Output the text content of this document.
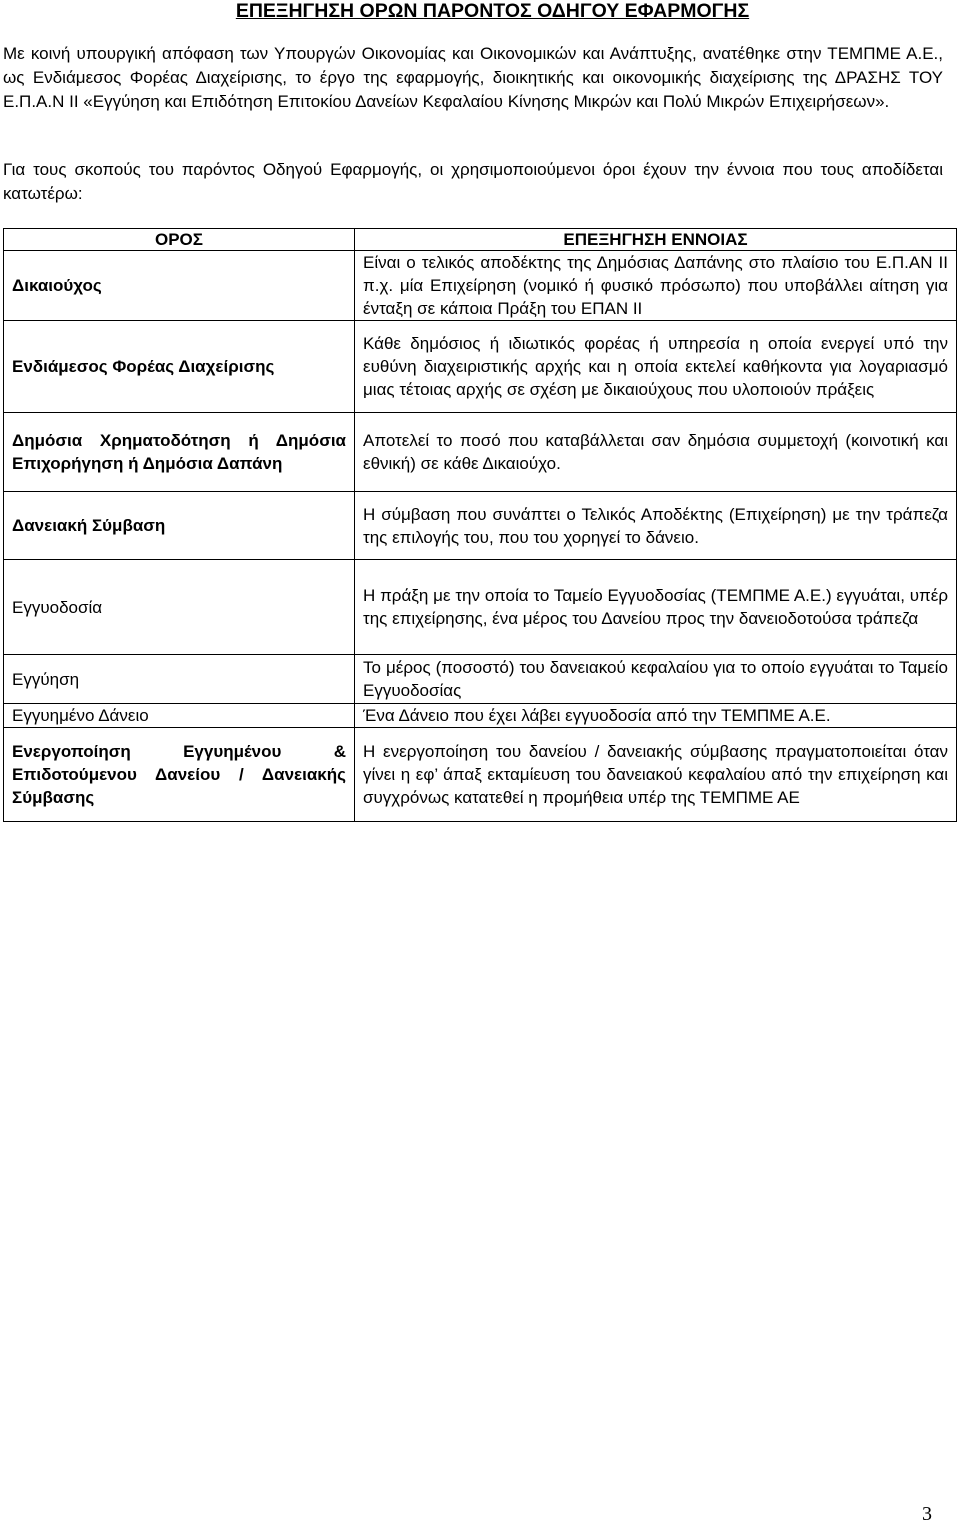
ΕΠΕΞΗΓΗΣΗ ΟΡΩΝ ΠΑΡΟΝΤΟΣ ΟΔΗΓΟΥ ΕΦΑΡΜΟΓΗΣ

Με κοινή υπουργική απόφαση των Υπουργών Οικονομίας και Οικονομικών και Ανάπτυξης, ανατέθηκε στην ΤΕΜΠΜΕ Α.Ε., ως Ενδιάμεσος Φορέας Διαχείρισης, το έργο της εφαρμογής, διοικητικής και οικονομικής διαχείρισης της ΔΡΑΣΗΣ ΤΟΥ Ε.Π.Α.Ν ΙΙ «Εγγύηση και Επιδότηση Επιτοκίου Δανείων Κεφαλαίου Κίνησης Μικρών και Πολύ Μικρών Επιχειρήσεων».

Για τους σκοπούς του παρόντος Οδηγού Εφαρμογής, οι χρησιμοποιούμενοι όροι έχουν την έννοια που τους αποδίδεται κατωτέρω:

ΟΡΟΣ	ΕΠΕΞΗΓΗΣΗ ΕΝΝΟΙΑΣ
Δικαιούχος	Είναι ο τελικός αποδέκτης της Δημόσιας Δαπάνης στο πλαίσιο του Ε.Π.ΑΝ ΙΙ π.χ. μία Επιχείρηση (νομικό ή φυσικό πρόσωπο) που υποβάλλει αίτηση για ένταξη σε κάποια Πράξη του ΕΠΑΝ ΙΙ
Ενδιάμεσος Φορέας Διαχείρισης	Κάθε δημόσιος ή ιδιωτικός φορέας ή υπηρεσία η οποία ενεργεί υπό την ευθύνη διαχειριστικής αρχής και η οποία εκτελεί καθήκοντα για λογαριασμό μιας τέτοιας αρχής σε σχέση με δικαιούχους που υλοποιούν πράξεις
Δημόσια Χρηματοδότηση ή Δημόσια Επιχορήγηση ή Δημόσια Δαπάνη	Αποτελεί το ποσό που καταβάλλεται σαν δημόσια συμμετοχή (κοινοτική και εθνική) σε κάθε Δικαιούχο.
Δανειακή Σύμβαση	Η σύμβαση που συνάπτει ο Τελικός Αποδέκτης (Επιχείρηση) με την τράπεζα της επιλογής του, που του χορηγεί το δάνειο.
Εγγυοδοσία	Η πράξη με την οποία το Ταμείο Εγγυοδοσίας (ΤΕΜΠΜΕ Α.Ε.) εγγυάται, υπέρ της επιχείρησης, ένα μέρος του Δανείου προς την δανειοδοτούσα τράπεζα
Εγγύηση	Το μέρος (ποσοστό) του δανειακού κεφαλαίου για το οποίο εγγυάται το Ταμείο Εγγυοδοσίας
Εγγυημένο Δάνειο	Ένα Δάνειο που έχει λάβει εγγυοδοσία από την ΤΕΜΠΜΕ Α.Ε.
Ενεργοποίηση Εγγυημένου & Επιδοτούμενου Δανείου / Δανειακής Σύμβασης	Η ενεργοποίηση του δανείου / δανειακής σύμβασης πραγματοποιείται όταν γίνει η εφ’ άπαξ εκταμίευση του δανειακού κεφαλαίου από την επιχείρηση και συγχρόνως κατατεθεί η προμήθεια υπέρ της ΤΕΜΠΜΕ ΑΕ
3
